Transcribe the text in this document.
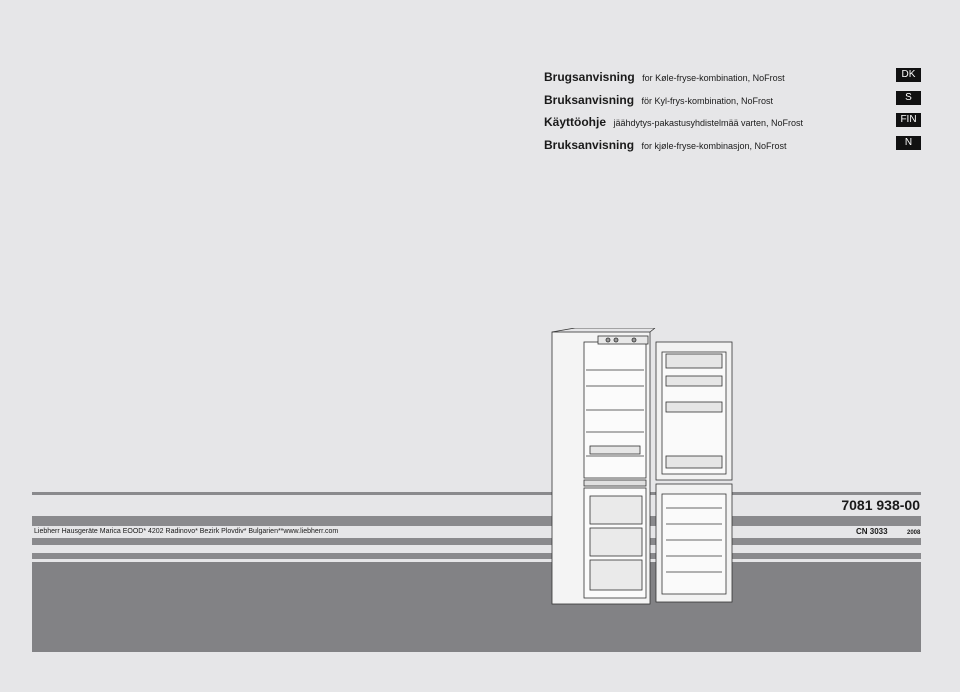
Brugsanvisning for Køle-fryse-kombination, NoFrost	DK
Bruksanvisning för Kyl-frys-kombination, NoFrost	S
Käyttöohje jäähdytys-pakastusyhdistelmää varten, NoFrost	FIN
Bruksanvisning for kjøle-fryse-kombinasjon, NoFrost	N
7081 938-00
Liebherr Hausgeräte Marica EOOD* 4202 Radinovo* Bezirk Plovdiv* Bulgarien**www.liebherr.com	CN 3033	2008
